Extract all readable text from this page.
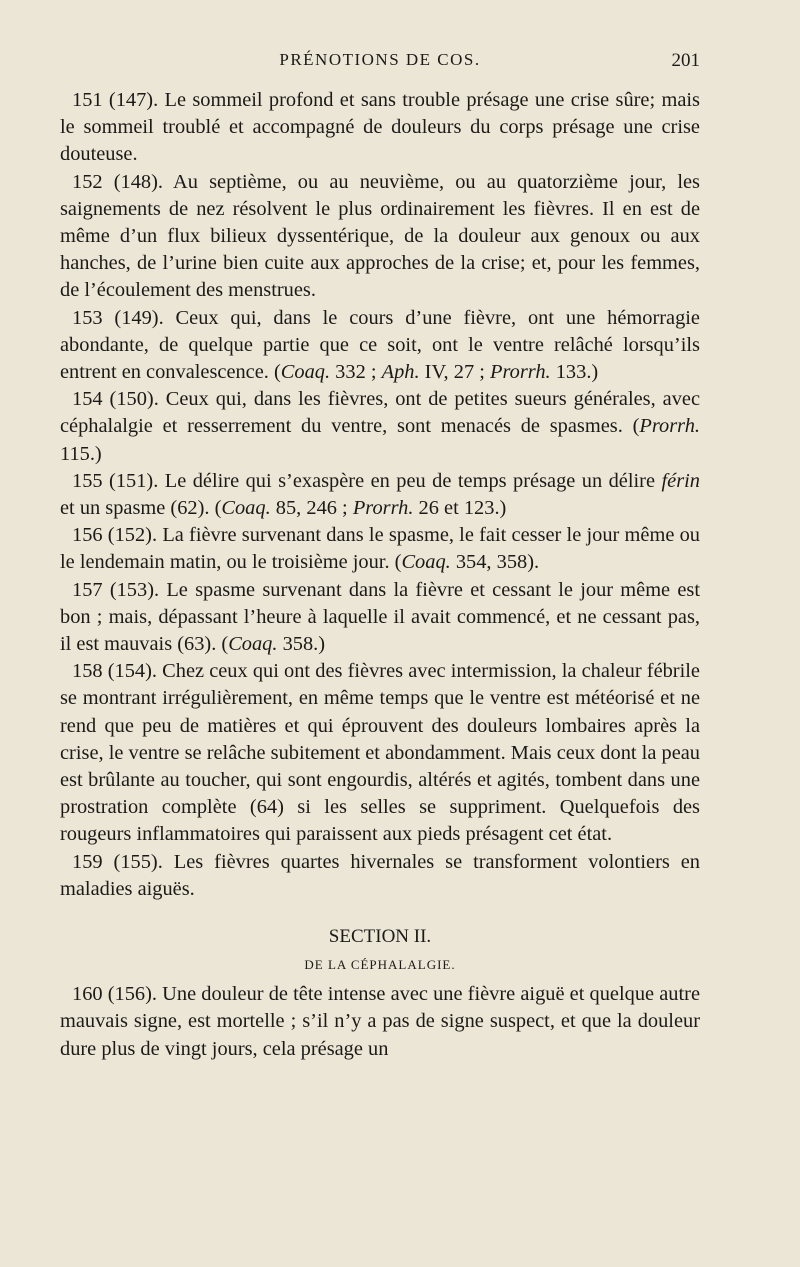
PRÉNOTIONS DE COS.	201

151 (147). Le sommeil profond et sans trouble présage une crise sûre; mais le sommeil troublé et accompagné de douleurs du corps présage une crise douteuse.

152 (148). Au septième, ou au neuvième, ou au quatorzième jour, les saignements de nez résolvent le plus ordinairement les fièvres. Il en est de même d’un flux bilieux dyssentérique, de la douleur aux genoux ou aux hanches, de l’urine bien cuite aux approches de la crise; et, pour les femmes, de l’écoulement des menstrues.

153 (149). Ceux qui, dans le cours d’une fièvre, ont une hémorragie abondante, de quelque partie que ce soit, ont le ventre relâché lorsqu’ils entrent en convalescence. (Coaq. 332 ; Aph. IV, 27 ; Prorrh. 133.)

154 (150). Ceux qui, dans les fièvres, ont de petites sueurs générales, avec céphalalgie et resserrement du ventre, sont menacés de spasmes. (Prorrh. 115.)

155 (151). Le délire qui s’exaspère en peu de temps présage un délire férin et un spasme (62). (Coaq. 85, 246 ; Prorrh. 26 et 123.)

156 (152). La fièvre survenant dans le spasme, le fait cesser le jour même ou le lendemain matin, ou le troisième jour. (Coaq. 354, 358).

157 (153). Le spasme survenant dans la fièvre et cessant le jour même est bon ; mais, dépassant l’heure à laquelle il avait commencé, et ne cessant pas, il est mauvais (63). (Coaq. 358.)

158 (154). Chez ceux qui ont des fièvres avec intermission, la chaleur fébrile se montrant irrégulièrement, en même temps que le ventre est météorisé et ne rend que peu de matières et qui éprouvent des douleurs lombaires après la crise, le ventre se relâche subitement et abondamment. Mais ceux dont la peau est brûlante au toucher, qui sont engourdis, altérés et agités, tombent dans une prostration complète (64) si les selles se suppriment. Quelquefois des rougeurs inflammatoires qui paraissent aux pieds présagent cet état.

159 (155). Les fièvres quartes hivernales se transforment volontiers en maladies aiguës.

SECTION II.
DE LA CÉPHALALGIE.

160 (156). Une douleur de tête intense avec une fièvre aiguë et quelque autre mauvais signe, est mortelle ; s’il n’y a pas de signe suspect, et que la douleur dure plus de vingt jours, cela présage un
